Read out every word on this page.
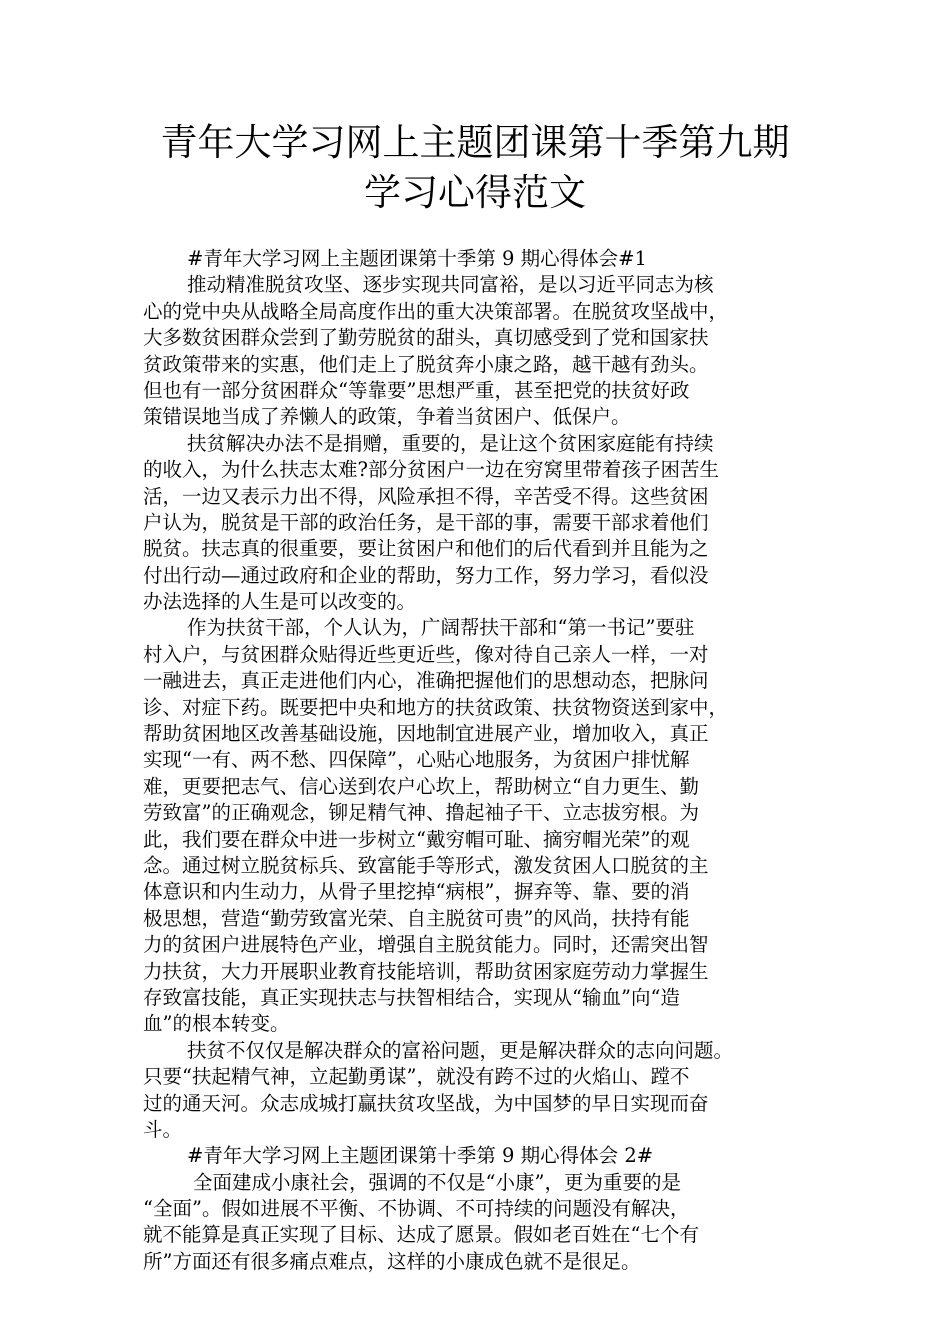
青年大学习网上主题团课第十季第九期
学习心得范文
#青年大学习网上主题团课第十季第 9 期心得体会#1
推动精准脱贫攻坚、逐步实现共同富裕，是以习近平同志为核
心的党中央从战略全局高度作出的重大决策部署。在脱贫攻坚战中，
大多数贫困群众尝到了勤劳脱贫的甜头，真切感受到了党和国家扶
贫政策带来的实惠，他们走上了脱贫奔小康之路，越干越有劲头。
但也有一部分贫困群众“等靠要”思想严重，甚至把党的扶贫好政
策错误地当成了养懒人的政策，争着当贫困户、低保户。
扶贫解决办法不是捐赠，重要的，是让这个贫困家庭能有持续
的收入，为什么扶志太难?部分贫困户一边在穷窝里带着孩子困苦生
活，一边又表示力出不得，风险承担不得，辛苦受不得。这些贫困
户认为，脱贫是干部的政治任务，是干部的事，需要干部求着他们
脱贫。扶志真的很重要，要让贫困户和他们的后代看到并且能为之
付出行动—通过政府和企业的帮助，努力工作，努力学习，看似没
办法选择的人生是可以改变的。
作为扶贫干部，个人认为，广阔帮扶干部和“第一书记”要驻
村入户，与贫困群众贴得近些更近些，像对待自己亲人一样，一对
一融进去，真正走进他们内心，准确把握他们的思想动态，把脉问
诊、对症下药。既要把中央和地方的扶贫政策、扶贫物资送到家中，
帮助贫困地区改善基础设施，因地制宜进展产业，增加收入，真正
实现“一有、两不愁、四保障”，心贴心地服务，为贫困户排忧解
难，更要把志气、信心送到农户心坎上，帮助树立“自力更生、勤
劳致富”的正确观念，铆足精气神、撸起袖子干、立志拔穷根。为
此，我们要在群众中进一步树立“戴穷帽可耻、摘穷帽光荣”的观
念。通过树立脱贫标兵、致富能手等形式，激发贫困人口脱贫的主
体意识和内生动力，从骨子里挖掉“病根”，摒弃等、靠、要的消
极思想，营造“勤劳致富光荣、自主脱贫可贵”的风尚，扶持有能
力的贫困户进展特色产业，增强自主脱贫能力。同时，还需突出智
力扶贫，大力开展职业教育技能培训，帮助贫困家庭劳动力掌握生
存致富技能，真正实现扶志与扶智相结合，实现从“输血”向“造
血”的根本转变。
扶贫不仅仅是解决群众的富裕问题，更是解决群众的志向问题。
只要“扶起精气神，立起勤勇谋”，就没有跨不过的火焰山、蹚不
过的通天河。众志成城打赢扶贫攻坚战，为中国梦的早日实现而奋
斗。
#青年大学习网上主题团课第十季第 9 期心得体会 2#
全面建成小康社会，强调的不仅是“小康”，更为重要的是
“全面”。假如进展不平衡、不协调、不可持续的问题没有解决，
就不能算是真正实现了目标、达成了愿景。假如老百姓在“七个有
所”方面还有很多痛点难点，这样的小康成色就不是很足。
